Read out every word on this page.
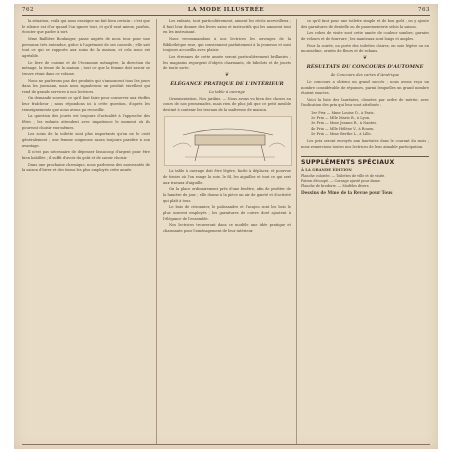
762	LA MODE ILLUSTRÉE	763

la situation, voilà qui nous enseigne un fait bien certain : c'est que le silence est d'or quand l'on ignore tout, et qu'il vaut mieux, parfois, écouter que parler à tort.

Mme Baillière Boulanger, passe auprès de nous tous pour une personne très entendue, grâce à l'agrément de ses conseils ; elle sait tout ce qui se rapporte aux soins de la maison, et cela nous est agréable.

Le livre de cuisine et de l'économie ménagère, la direction du ménage, la tenue de la maison ; tout ce que la femme doit savoir se trouve réuni dans ce volume.

Nous ne parlerons pas des produits qui s'annoncent tous les jours dans les journaux, mais nous signalerons un produit excellent qui rend de grands services à nos lectrices.

On demande souvent ce qu'il faut faire pour conserver aux étoffes leur fraîcheur ; nous répondons ici à cette question, d'après les renseignements que nous avons pu recueillir.

La question des jouets est toujours d'actualité à l'approche des fêtes ; les enfants attendent avec impatience le moment où ils pourront choisir eux-mêmes.

Les soins de la toilette sont plus importants qu'on ne le croit généralement ; une femme soigneuse saura toujours paraître à son avantage.

Il n'est pas nécessaire de dépenser beaucoup d'argent pour être bien habillée ; il suffit d'avoir du goût et de savoir choisir.

Dans une prochaine chronique, nous parlerons des nouveautés de la saison d'hiver et des tissus les plus employés cette année.

Les enfants, tout particulièrement, aiment les récits merveilleux ; il faut leur donner des livres sains et instructifs qui les amusent tout en les instruisant.

Nous recommandons à nos lectrices les ouvrages de la Bibliothèque rose, qui conviennent parfaitement à la jeunesse et sont toujours accueillis avec plaisir.

Les étrennes de cette année seront particulièrement brillantes ; les magasins regorgent d'objets charmants, de bibelots et de jouets de toute sorte.

❦
ÉLÉGANCE PRATIQUE DE L'INTÉRIEUR
La table à ouvrage

Ornementation. Nos jardins. — Nous avons vu bien des choses au cours de nos promenades, mais rien de plus joli que ce petit meuble destiné à contenir les travaux de la maîtresse de maison.

La table à ouvrage doit être légère, facile à déplacer, et pourvue de tiroirs où l'on range la soie, le fil, les aiguilles et tout ce qui sert aux travaux d'aiguille.

On la place ordinairement près d'une fenêtre, afin de profiter de la lumière du jour ; elle donne à la pièce un air de gaieté et d'activité qui plaît à tous.

Le bois de citronnier, le palissandre et l'acajou sont les bois le plus souvent employés ; les garnitures de cuivre doré ajoutent à l'élégance de l'ensemble.

Nos lectrices trouveront dans ce modèle une idée pratique et charmante pour l'aménagement de leur intérieur.

ce qu'il faut pour une toilette simple et de bon goût ; on y ajoute des garnitures de dentelle ou de passementerie selon la saison.

Les robes de visite sont cette année de couleur sombre, garnies de velours et de fourrure ; les manteaux sont longs et amples.

Pour la soirée, on porte des toilettes claires, en soie légère ou en mousseline, ornées de fleurs et de rubans.

❦
RÉSULTATS DU CONCOURS D'AUTOMNE
4e Concours des cartes d'Amérique

Le concours a obtenu un grand succès ; nous avons reçu un nombre considérable de réponses, parmi lesquelles un grand nombre étaient exactes.

Voici la liste des lauréates, classées par ordre de mérite, avec l'indication des prix qui leur sont attribués :

1er Prix — Mme Louise D., à Paris.
2e Prix — Mlle Marie B., à Lyon.
3e Prix — Mme Jeanne R., à Nantes.
4e Prix — Mlle Hélène V., à Rouen.
5e Prix — Mme Berthe L., à Lille.

Les prix seront envoyés aux lauréates dans le courant du mois ; nous remercions toutes nos lectrices de leur aimable participation.

SUPPLÉMENTS SPÉCIAUX
À LA GRANDE ÉDITION
Planche coloriée. — Toilettes de ville et de visite.
Patron découpé. — Corsage ajusté pour dame.
Planche de broderie. — Modèles divers.
Dessins de Mme de la Revue pour Tous
